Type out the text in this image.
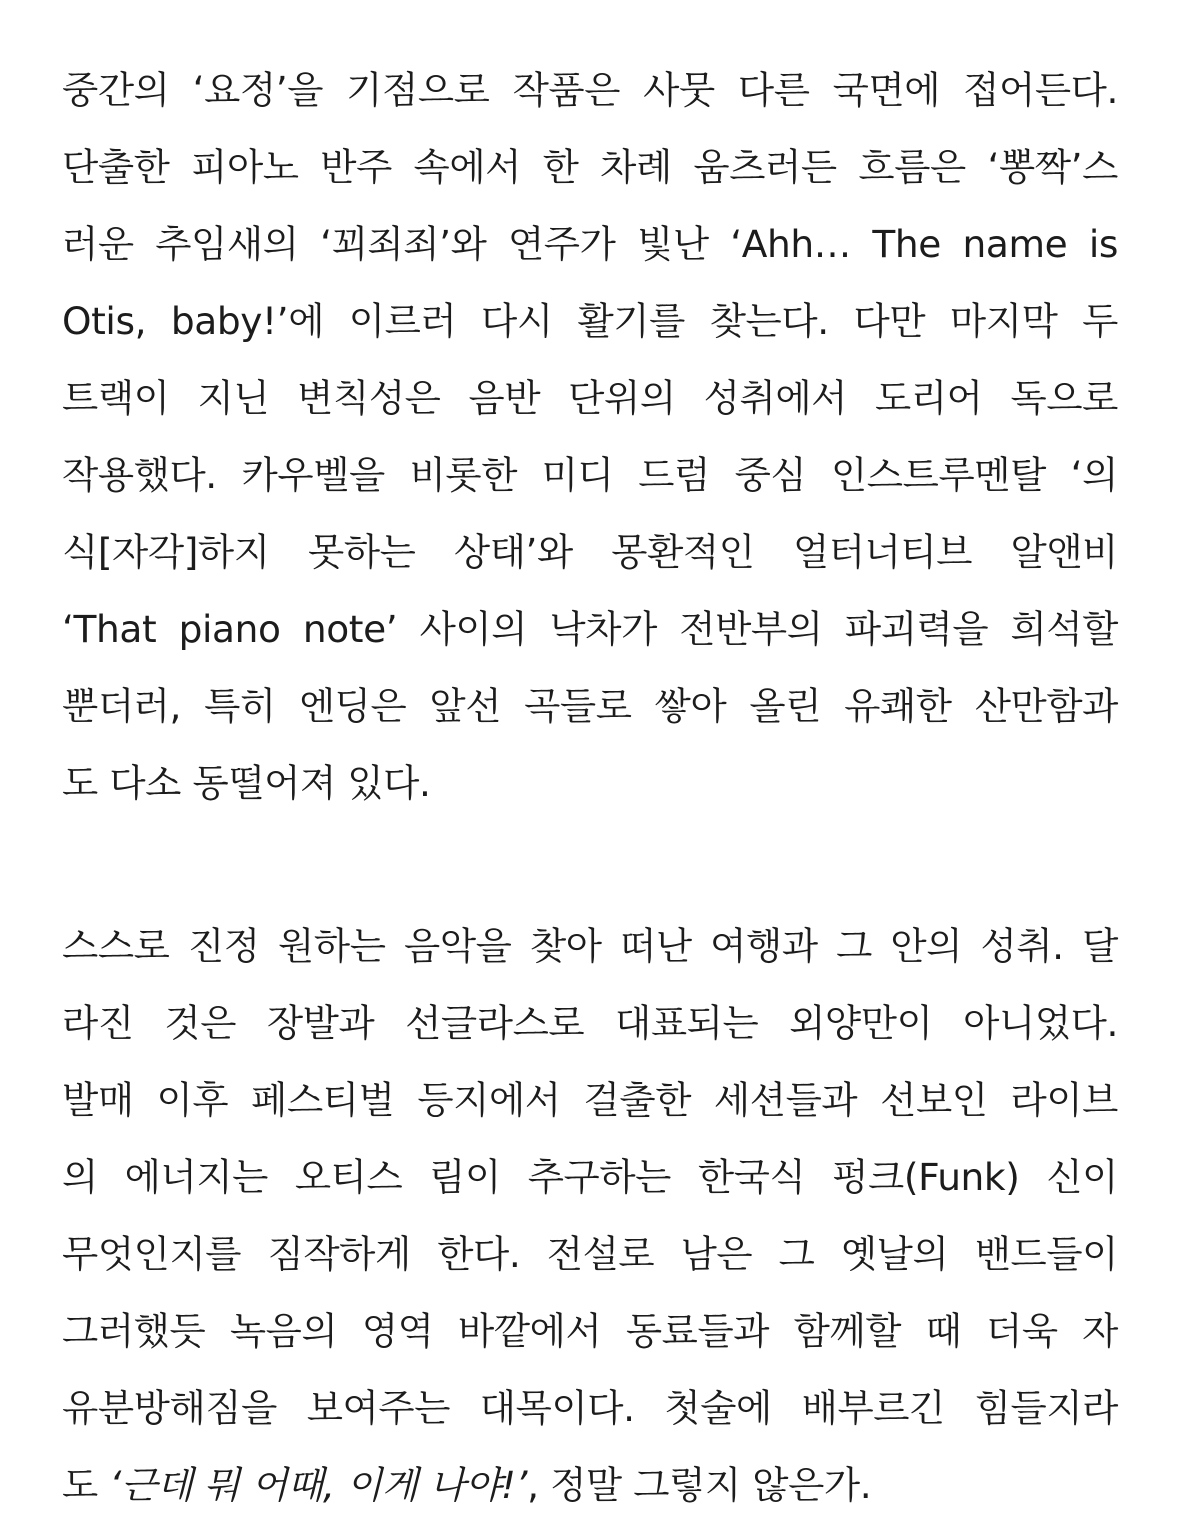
중간의 ‘요정’을 기점으로 작품은 사뭇 다른 국면에 접어든다.
단출한 피아노 반주 속에서 한 차례 움츠러든 흐름은 ‘뽕짝’스
러운 추임새의 ‘꾀죄죄’와 연주가 빛난 ‘Ahh… The name is
Otis, baby!’에 이르러 다시 활기를 찾는다. 다만 마지막 두
트랙이 지닌 변칙성은 음반 단위의 성취에서 도리어 독으로
작용했다. 카우벨을 비롯한 미디 드럼 중심 인스트루멘탈 ‘의
식[자각]하지 못하는 상태’와 몽환적인 얼터너티브 알앤비
‘That piano note’ 사이의 낙차가 전반부의 파괴력을 희석할
뿐더러, 특히 엔딩은 앞선 곡들로 쌓아 올린 유쾌한 산만함과
도 다소 동떨어져 있다.

스스로 진정 원하는 음악을 찾아 떠난 여행과 그 안의 성취. 달
라진 것은 장발과 선글라스로 대표되는 외양만이 아니었다.
발매 이후 페스티벌 등지에서 걸출한 세션들과 선보인 라이브
의 에너지는 오티스 림이 추구하는 한국식 펑크(Funk) 신이
무엇인지를 짐작하게 한다. 전설로 남은 그 옛날의 밴드들이
그러했듯 녹음의 영역 바깥에서 동료들과 함께할 때 더욱 자
유분방해짐을 보여주는 대목이다. 첫술에 배부르긴 힘들지라
도 ‘근데 뭐 어때, 이게 나야!’, 정말 그렇지 않은가.
